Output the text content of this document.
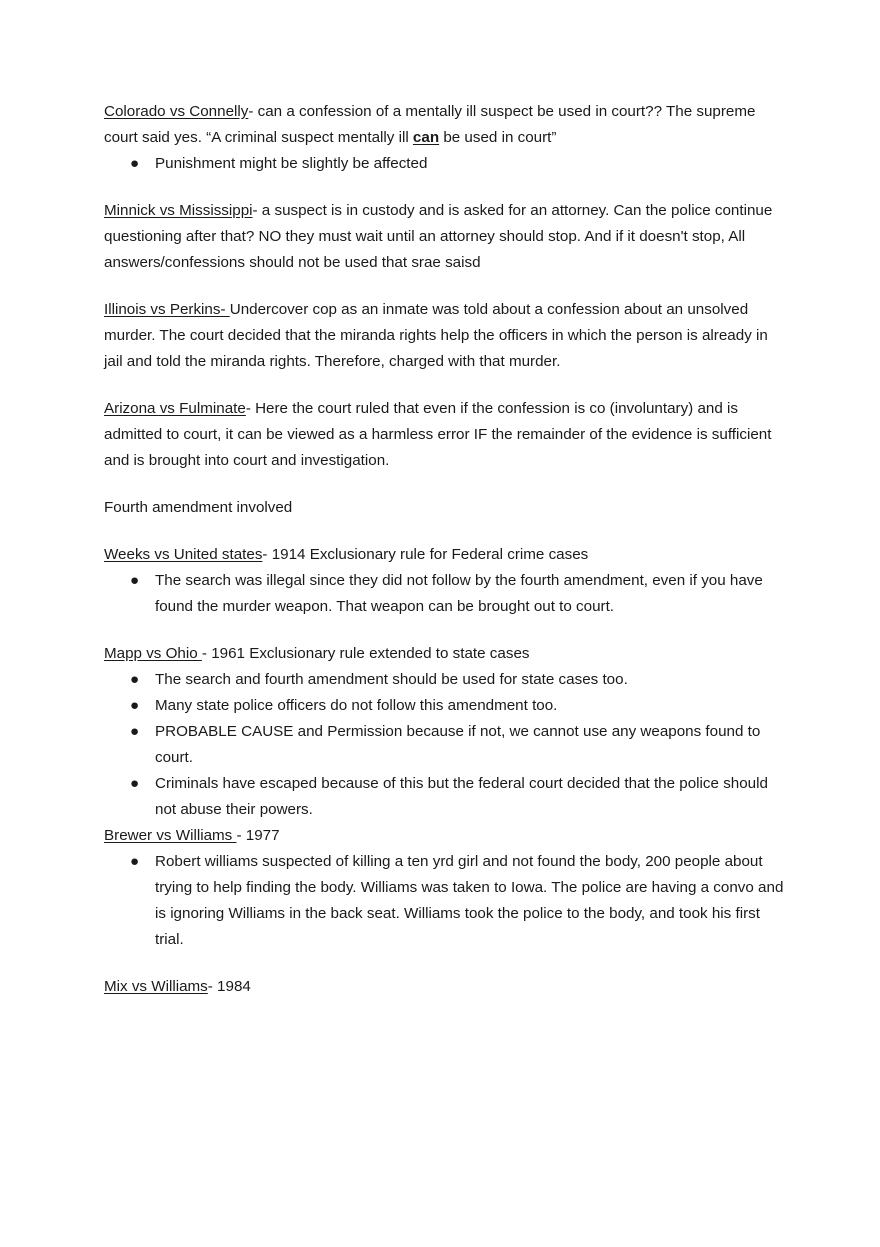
Colorado vs Connelly- can a confession of a mentally ill suspect be used in court?? The supreme court said yes. “A criminal suspect mentally ill can be used in court”

● Punishment might be slightly be affected

Minnick vs Mississippi- a suspect is in custody and is asked for an attorney. Can the police continue questioning after that? NO they must wait until an attorney should stop. And if it doesn't stop, All answers/confessions should not be used that srae saisd

Illinois vs Perkins- Undercover cop as an inmate was told about a confession about an unsolved murder. The court decided that the miranda rights help the officers in which the person is already in jail and told the miranda rights. Therefore, charged with that murder.

Arizona vs Fulminate- Here the court ruled that even if the confession is co (involuntary) and is admitted to court, it can be viewed as a harmless error IF the remainder of the evidence is sufficient and is brought into court and investigation.

Fourth amendment involved

Weeks vs United states- 1914 Exclusionary rule for Federal crime cases

● The search was illegal since they did not follow by the fourth amendment, even if you have found the murder weapon. That weapon can be brought out to court.

Mapp vs Ohio - 1961 Exclusionary rule extended to state cases

● The search and fourth amendment should be used for state cases too.
● Many state police officers do not follow this amendment too.
● PROBABLE CAUSE and Permission because if not, we cannot use any weapons found to court.
● Criminals have escaped because of this but the federal court decided that the police should not abuse their powers.

Brewer vs Williams - 1977

● Robert williams suspected of killing a ten yrd girl and not found the body, 200 people about trying to help finding the body. Williams was taken to Iowa. The police are having a convo and is ignoring Williams in the back seat. Williams took the police to the body, and took his first trial.

Mix vs Williams- 1984
